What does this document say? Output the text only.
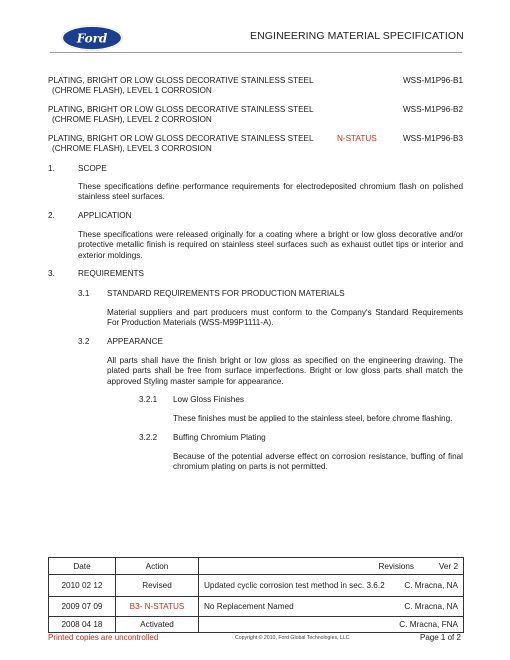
Ford	ENGINEERING MATERIAL SPECIFICATION
PLATING, BRIGHT OR LOW GLOSS DECORATIVE STAINLESS STEEL
(CHROME FLASH), LEVEL 1 CORROSION
WSS-M1P96-B1
PLATING, BRIGHT OR LOW GLOSS DECORATIVE STAINLESS STEEL
(CHROME FLASH), LEVEL 2 CORROSION
WSS-M1P96-B2
PLATING, BRIGHT OR LOW GLOSS DECORATIVE STAINLESS STEEL
(CHROME FLASH), LEVEL 3 CORROSION
N-STATUS	WSS-M1P96-B3
1.	SCOPE
These specifications define performance requirements for electrodeposited chromium flash on polished stainless steel surfaces.
2.	APPLICATION
These specifications were released originally for a coating where a bright or low gloss decorative and/or protective metallic finish is required on stainless steel surfaces such as exhaust outlet tips or interior and exterior moldings.
3.	REQUIREMENTS
3.1 STANDARD REQUIREMENTS FOR PRODUCTION MATERIALS
Material suppliers and part producers must conform to the Company's Standard Requirements For Production Materials (WSS-M99P1111-A).
3.2 APPEARANCE
All parts shall have the finish bright or low gloss as specified on the engineering drawing. The plated parts shall be free from surface imperfections. Bright or low gloss parts shall match the approved Styling master sample for appearance.
3.2.1 Low Gloss Finishes
These finishes must be applied to the stainless steel, before chrome flashing.
3.2.2 Buffing Chromium Plating
Because of the potential adverse effect on corrosion resistance, buffing of final chromium plating on parts is not permitted.
Date	Action	Revisions Ver 2

2010 02 12	Revised	Updated cyclic corrosion test method in sec. 3.6.2 C. Mracna, NA

2009 07 09	B3- N-STATUS	No Replacement Named C. Mracna, NA

2008 04 18	Activated	C. Mracna, FNA
Printed copies are uncontrolled	Copyright © 2010, Ford Global Technologies, LLC	Page 1 of 2
